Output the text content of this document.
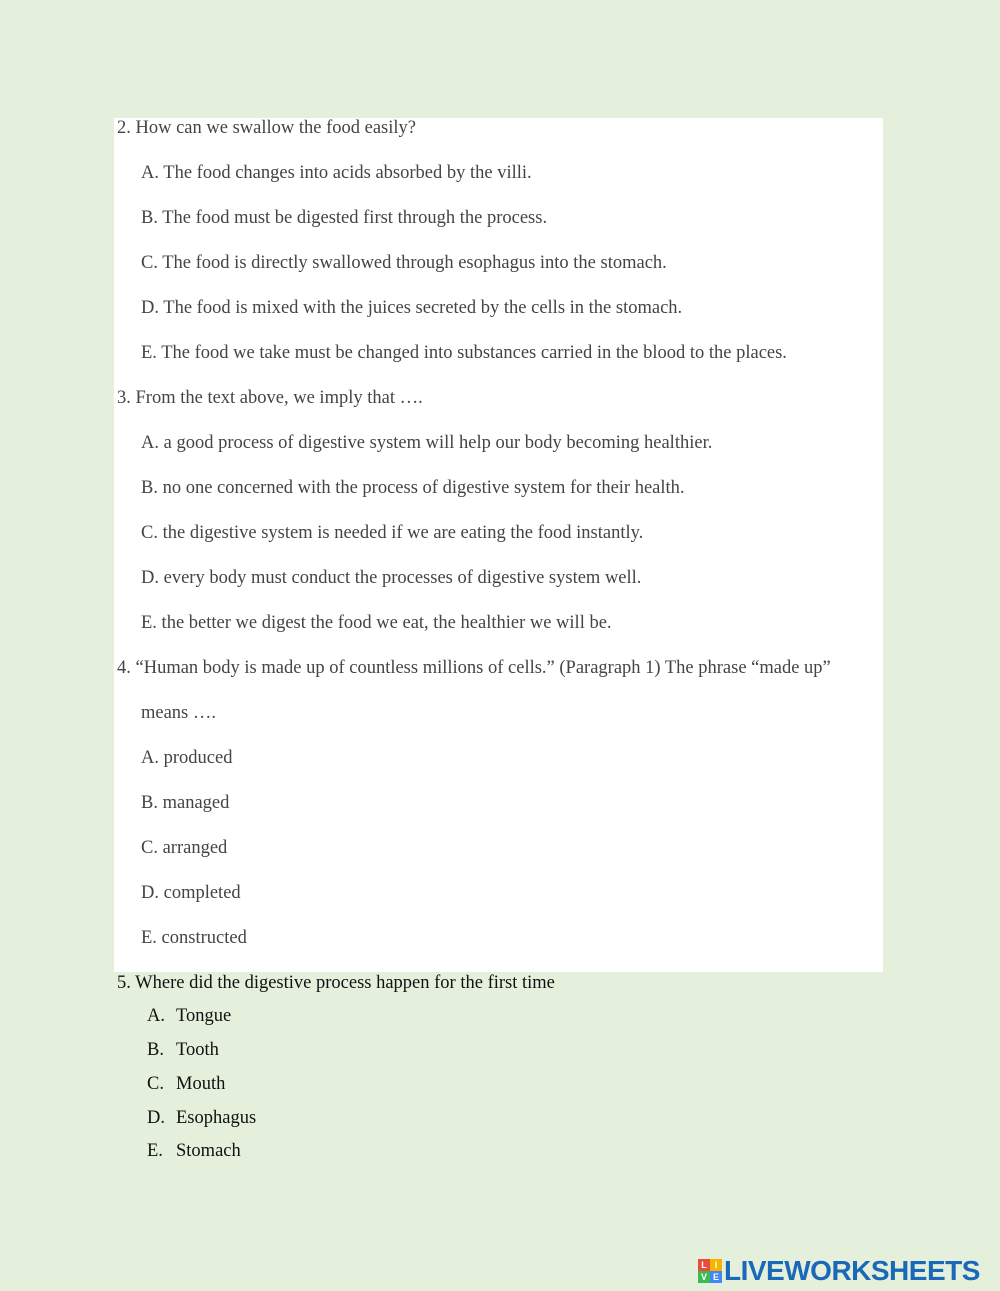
2. How can we swallow the food easily?
A. The food changes into acids absorbed by the villi.
B. The food must be digested first through the process.
C. The food is directly swallowed through esophagus into the stomach.
D. The food is mixed with the juices secreted by the cells in the stomach.
E. The food we take must be changed into substances carried in the blood to the places.
3. From the text above, we imply that ….
A. a good process of digestive system will help our body becoming healthier.
B. no one concerned with the process of digestive system for their health.
C. the digestive system is needed if we are eating the food instantly.
D. every body must conduct the processes of digestive system well.
E. the better we digest the food we eat, the healthier we will be.
4. “Human body is made up of countless millions of cells.” (Paragraph 1) The phrase “made up”
means ….
A. produced
B. managed
C. arranged
D. completed
E. constructed
5. Where did the digestive process happen for the first time
A. Tongue
B. Tooth
C. Mouth
D. Esophagus
E. Stomach
L I
V E LIVEWORKSHEETS
